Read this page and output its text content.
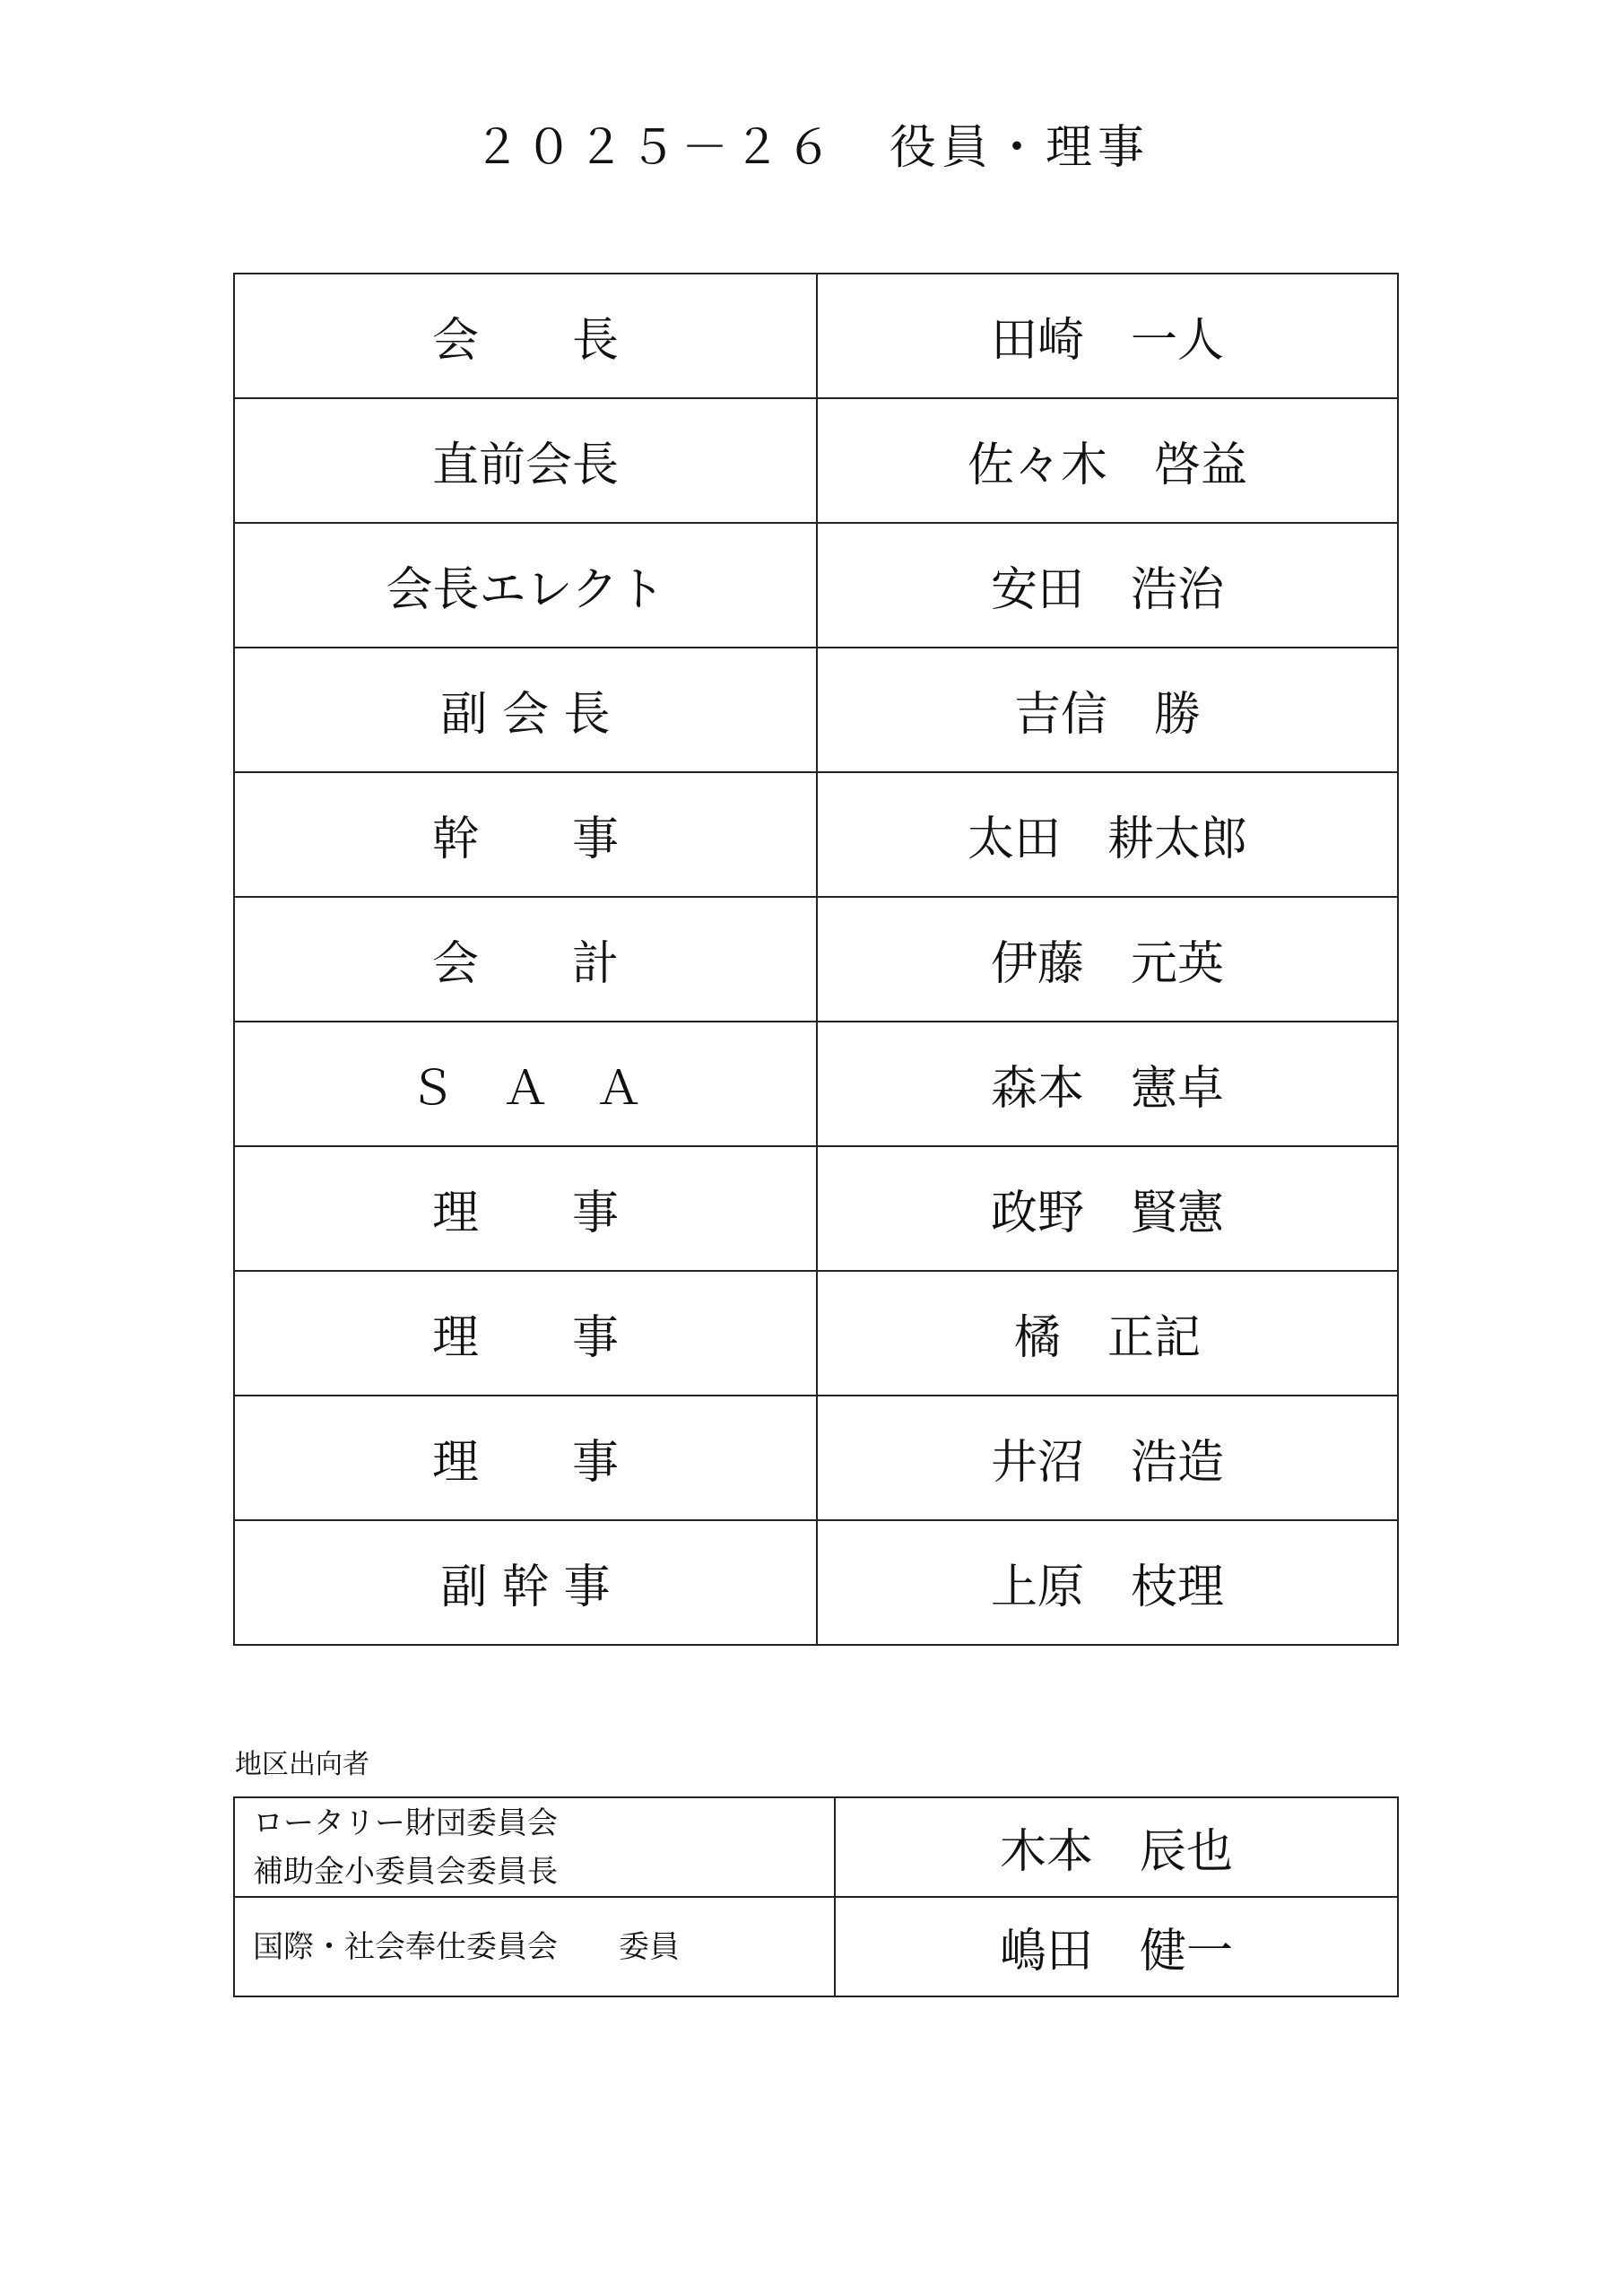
２０２５－２６　役員・理事
会　　長	田崎　一人
直前会長	佐々木　啓益
会長エレクト	安田　浩治
副 会 長	吉信　勝
幹　　事	太田　耕太郎
会　　計	伊藤　元英
Ｓ　Ａ　Ａ	森本　憲卓
理　　事	政野　賢憲
理　　事	橘　正記
理　　事	井沼　浩造
副 幹 事	上原　枝理
地区出向者
ロータリー財団委員会
補助金小委員会委員長	木本　辰也

国際・社会奉仕委員会　　委員	嶋田　健一
